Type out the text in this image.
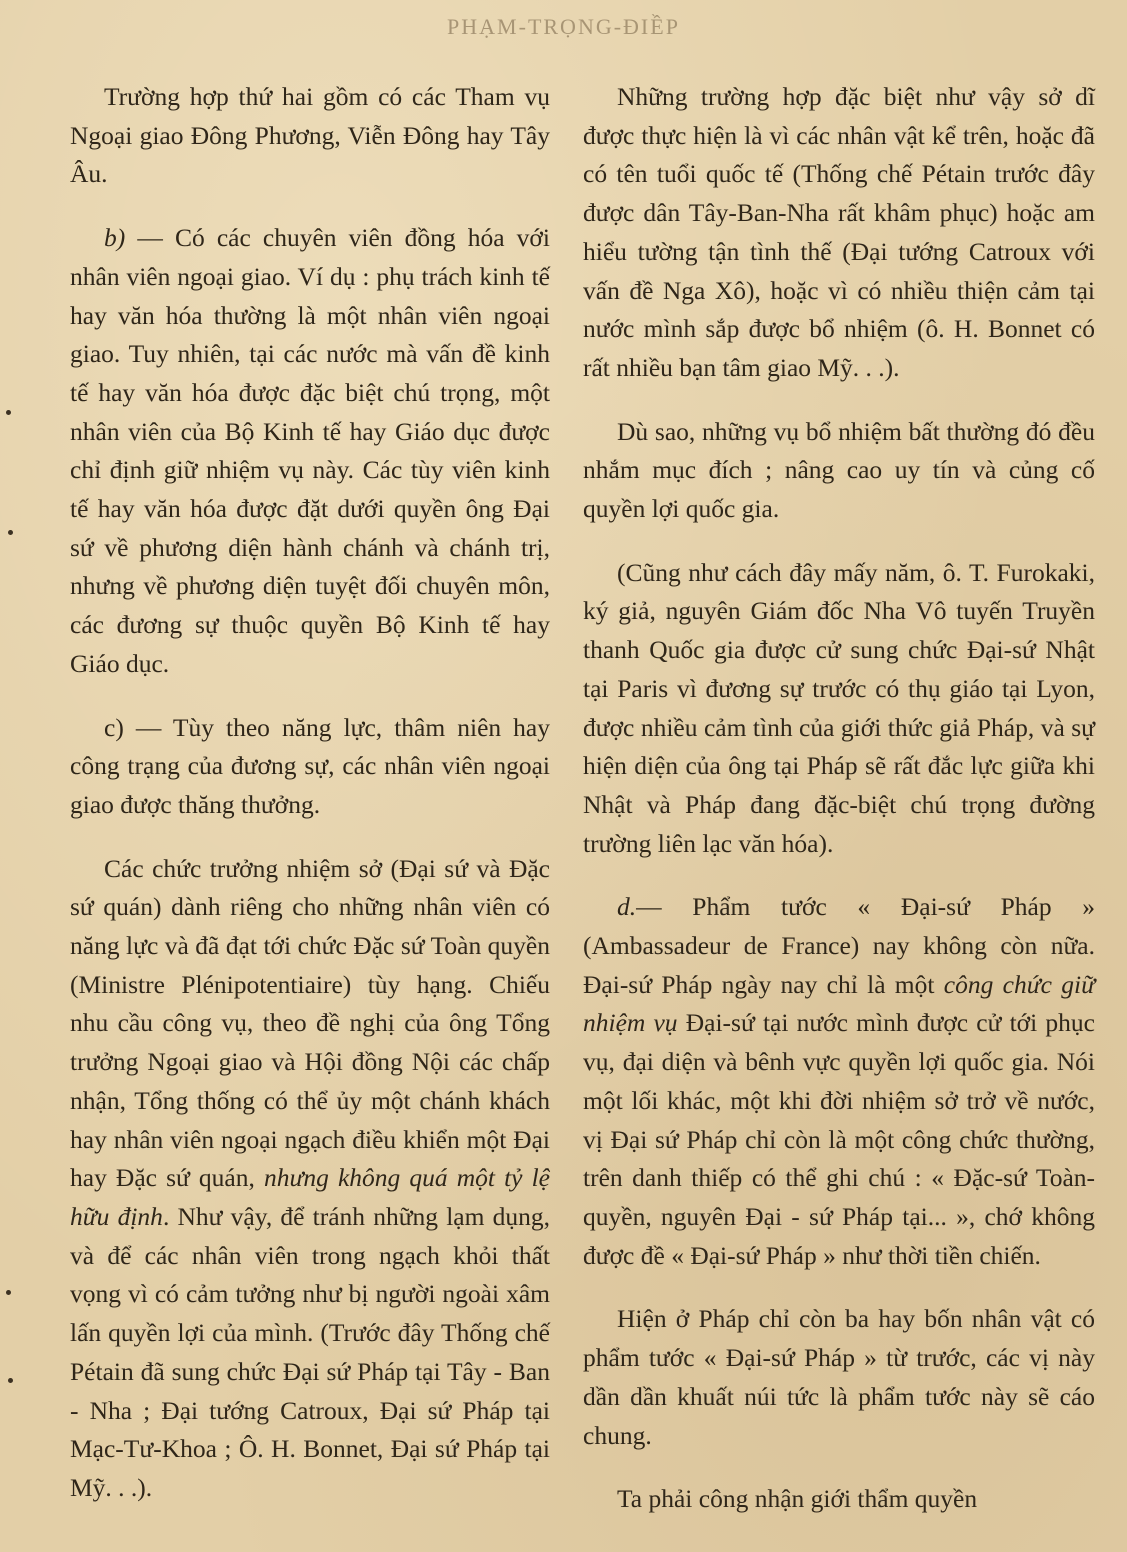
PHẠM-TRỌNG-ĐIỀP

Trường hợp thứ hai gồm có các Tham vụ Ngoại giao Đông Phương, Viễn Đông hay Tây Âu.

b) — Có các chuyên viên đồng hóa với nhân viên ngoại giao. Ví dụ : phụ trách kinh tế hay văn hóa thường là một nhân viên ngoại giao. Tuy nhiên, tại các nước mà vấn đề kinh tế hay văn hóa được đặc biệt chú trọng, một nhân viên của Bộ Kinh tế hay Giáo dục được chỉ định giữ nhiệm vụ này. Các tùy viên kinh tế hay văn hóa được đặt dưới quyền ông Đại sứ về phương diện hành chánh và chánh trị, nhưng về phương diện tuyệt đối chuyên môn, các đương sự thuộc quyền Bộ Kinh tế hay Giáo dục.

c) — Tùy theo năng lực, thâm niên hay công trạng của đương sự, các nhân viên ngoại giao được thăng thưởng.

Các chức trưởng nhiệm sở (Đại sứ và Đặc sứ quán) dành riêng cho những nhân viên có năng lực và đã đạt tới chức Đặc sứ Toàn quyền (Ministre Plénipotentiaire) tùy hạng. Chiếu nhu cầu công vụ, theo đề nghị của ông Tổng trưởng Ngoại giao và Hội đồng Nội các chấp nhận, Tổng thống có thể ủy một chánh khách hay nhân viên ngoại ngạch điều khiển một Đại hay Đặc sứ quán, nhưng không quá một tỷ lệ hữu định. Như vậy, để tránh những lạm dụng, và để các nhân viên trong ngạch khỏi thất vọng vì có cảm tưởng như bị người ngoài xâm lấn quyền lợi của mình. (Trước đây Thống chế Pétain đã sung chức Đại sứ Pháp tại Tây - Ban - Nha ; Đại tướng Catroux, Đại sứ Pháp tại Mạc-Tư-Khoa ; Ô. H. Bonnet, Đại sứ Pháp tại Mỹ. . .).

Những trường hợp đặc biệt như vậy sở dĩ được thực hiện là vì các nhân vật kể trên, hoặc đã có tên tuổi quốc tế (Thống chế Pétain trước đây được dân Tây-Ban-Nha rất khâm phục) hoặc am hiểu tường tận tình thế (Đại tướng Catroux với vấn đề Nga Xô), hoặc vì có nhiều thiện cảm tại nước mình sắp được bổ nhiệm (ô. H. Bonnet có rất nhiều bạn tâm giao Mỹ. . .).

Dù sao, những vụ bổ nhiệm bất thường đó đều nhắm mục đích ; nâng cao uy tín và củng cố quyền lợi quốc gia.

(Cũng như cách đây mấy năm, ô. T. Furokaki, ký giả, nguyên Giám đốc Nha Vô tuyến Truyền thanh Quốc gia được cử sung chức Đại-sứ Nhật tại Paris vì đương sự trước có thụ giáo tại Lyon, được nhiều cảm tình của giới thức giả Pháp, và sự hiện diện của ông tại Pháp sẽ rất đắc lực giữa khi Nhật và Pháp đang đặc-biệt chú trọng đường trường liên lạc văn hóa).

d.— Phẩm tước « Đại-sứ Pháp » (Ambassadeur de France) nay không còn nữa. Đại-sứ Pháp ngày nay chỉ là một công chức giữ nhiệm vụ Đại-sứ tại nước mình được cử tới phục vụ, đại diện và bênh vực quyền lợi quốc gia. Nói một lối khác, một khi đời nhiệm sở trở về nước, vị Đại sứ Pháp chỉ còn là một công chức thường, trên danh thiếp có thể ghi chú : « Đặc-sứ Toàn-quyền, nguyên Đại - sứ Pháp tại... », chớ không được đề « Đại-sứ Pháp » như thời tiền chiến.

Hiện ở Pháp chỉ còn ba hay bốn nhân vật có phẩm tước « Đại-sứ Pháp » từ trước, các vị này dần dần khuất núi tức là phẩm tước này sẽ cáo chung.

Ta phải công nhận giới thẩm quyền
